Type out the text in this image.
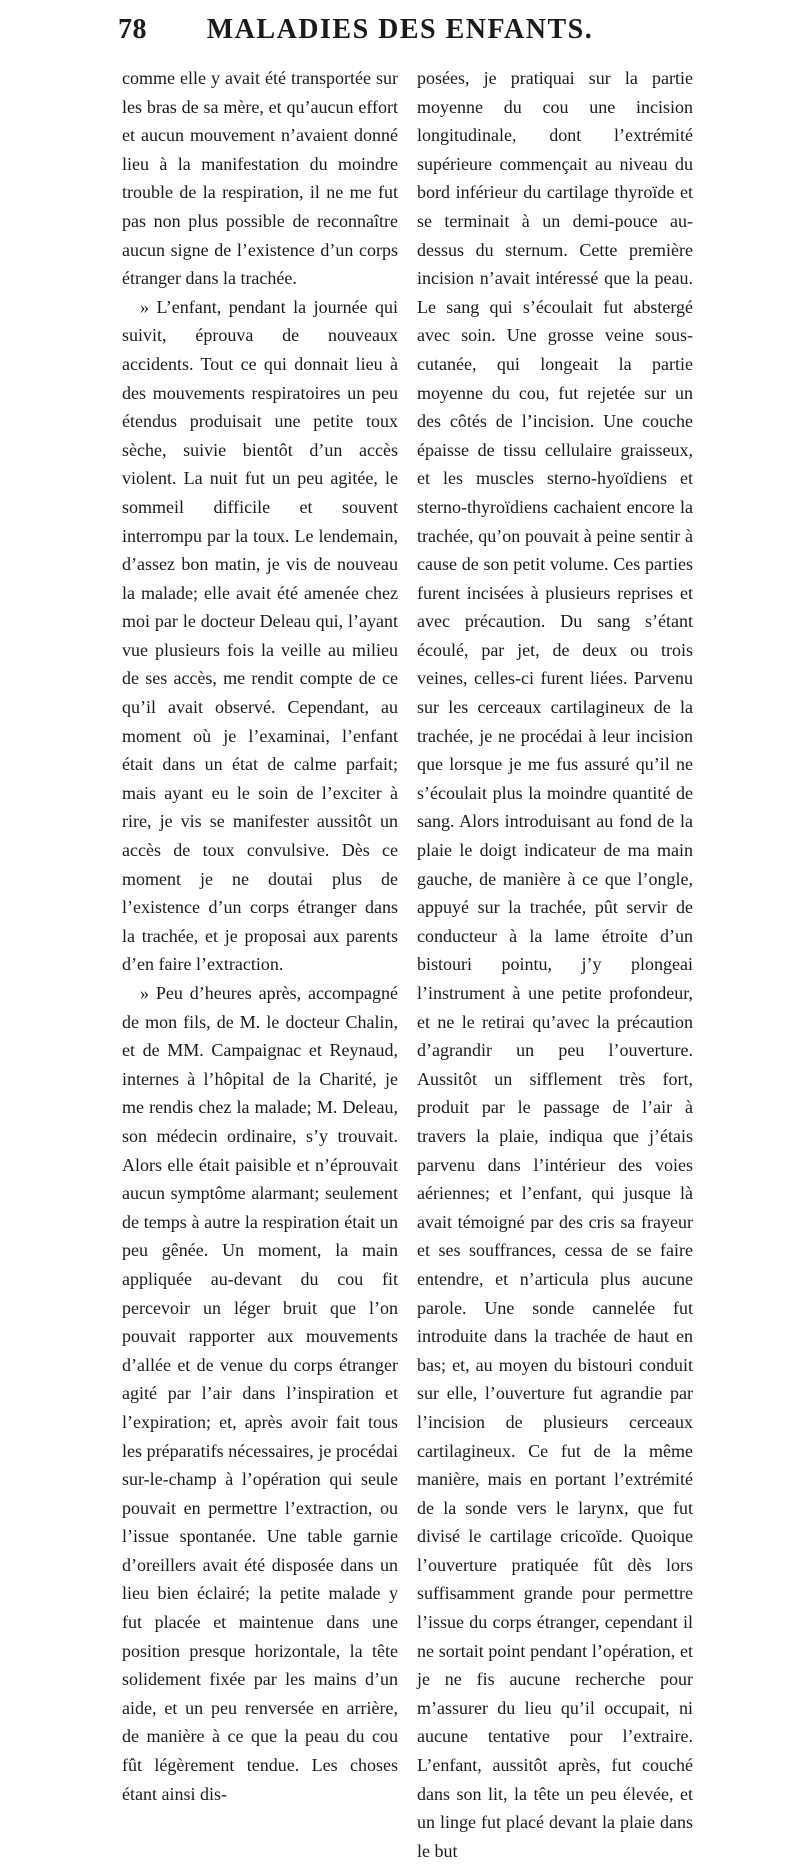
78	MALADIES DES ENFANTS.

comme elle y avait été transportée sur les bras de sa mère, et qu’aucun effort et aucun mouvement n’avaient donné lieu à la manifestation du moindre trouble de la respiration, il ne me fut pas non plus possible de reconnaître aucun signe de l’existence d’un corps étranger dans la trachée.

» L’enfant, pendant la journée qui suivit, éprouva de nouveaux accidents. Tout ce qui donnait lieu à des mouvements respiratoires un peu étendus produisait une petite toux sèche, suivie bientôt d’un accès violent. La nuit fut un peu agitée, le sommeil difficile et souvent interrompu par la toux. Le lendemain, d’assez bon matin, je vis de nouveau la malade; elle avait été amenée chez moi par le docteur Deleau qui, l’ayant vue plusieurs fois la veille au milieu de ses accès, me rendit compte de ce qu’il avait observé. Cependant, au moment où je l’examinai, l’enfant était dans un état de calme parfait; mais ayant eu le soin de l’exciter à rire, je vis se manifester aussitôt un accès de toux convulsive. Dès ce moment je ne doutai plus de l’existence d’un corps étranger dans la trachée, et je proposai aux parents d’en faire l’extraction.

» Peu d’heures après, accompagné de mon fils, de M. le docteur Chalin, et de MM. Campaignac et Reynaud, internes à l’hôpital de la Charité, je me rendis chez la malade; M. Deleau, son médecin ordinaire, s’y trouvait. Alors elle était paisible et n’éprouvait aucun symptôme alarmant; seulement de temps à autre la respiration était un peu gênée. Un moment, la main appliquée au-devant du cou fit percevoir un léger bruit que l’on pouvait rapporter aux mouvements d’allée et de venue du corps étranger agité par l’air dans l’inspiration et l’expiration; et, après avoir fait tous les préparatifs nécessaires, je procédai sur-le-champ à l’opération qui seule pouvait en permettre l’extraction, ou l’issue spontanée. Une table garnie d’oreillers avait été disposée dans un lieu bien éclairé; la petite malade y fut placée et maintenue dans une position presque horizontale, la tête solidement fixée par les mains d’un aide, et un peu renversée en arrière, de manière à ce que la peau du cou fût légèrement tendue. Les choses étant ainsi dis-

posées, je pratiquai sur la partie moyenne du cou une incision longitudinale, dont l’extrémité supérieure commençait au niveau du bord inférieur du cartilage thyroïde et se terminait à un demi-pouce au-dessus du sternum. Cette première incision n’avait intéressé que la peau. Le sang qui s’écoulait fut abstergé avec soin. Une grosse veine sous-cutanée, qui longeait la partie moyenne du cou, fut rejetée sur un des côtés de l’incision. Une couche épaisse de tissu cellulaire graisseux, et les muscles sterno-hyoïdiens et sterno-thyroïdiens cachaient encore la trachée, qu’on pouvait à peine sentir à cause de son petit volume. Ces parties furent incisées à plusieurs reprises et avec précaution. Du sang s’étant écoulé, par jet, de deux ou trois veines, celles-ci furent liées. Parvenu sur les cerceaux cartilagineux de la trachée, je ne procédai à leur incision que lorsque je me fus assuré qu’il ne s’écoulait plus la moindre quantité de sang. Alors introduisant au fond de la plaie le doigt indicateur de ma main gauche, de manière à ce que l’ongle, appuyé sur la trachée, pût servir de conducteur à la lame étroite d’un bistouri pointu, j’y plongeai l’instrument à une petite profondeur, et ne le retirai qu’avec la précaution d’agrandir un peu l’ouverture. Aussitôt un sifflement très fort, produit par le passage de l’air à travers la plaie, indiqua que j’étais parvenu dans l’intérieur des voies aériennes; et l’enfant, qui jusque là avait témoigné par des cris sa frayeur et ses souffrances, cessa de se faire entendre, et n’articula plus aucune parole. Une sonde cannelée fut introduite dans la trachée de haut en bas; et, au moyen du bistouri conduit sur elle, l’ouverture fut agrandie par l’incision de plusieurs cerceaux cartilagineux. Ce fut de la même manière, mais en portant l’extrémité de la sonde vers le larynx, que fut divisé le cartilage cricoïde. Quoique l’ouverture pratiquée fût dès lors suffisamment grande pour permettre l’issue du corps étranger, cependant il ne sortait point pendant l’opération, et je ne fis aucune recherche pour m’assurer du lieu qu’il occupait, ni aucune tentative pour l’extraire. L’enfant, aussitôt après, fut couché dans son lit, la tête un peu élevée, et un linge fut placé devant la plaie dans le but
